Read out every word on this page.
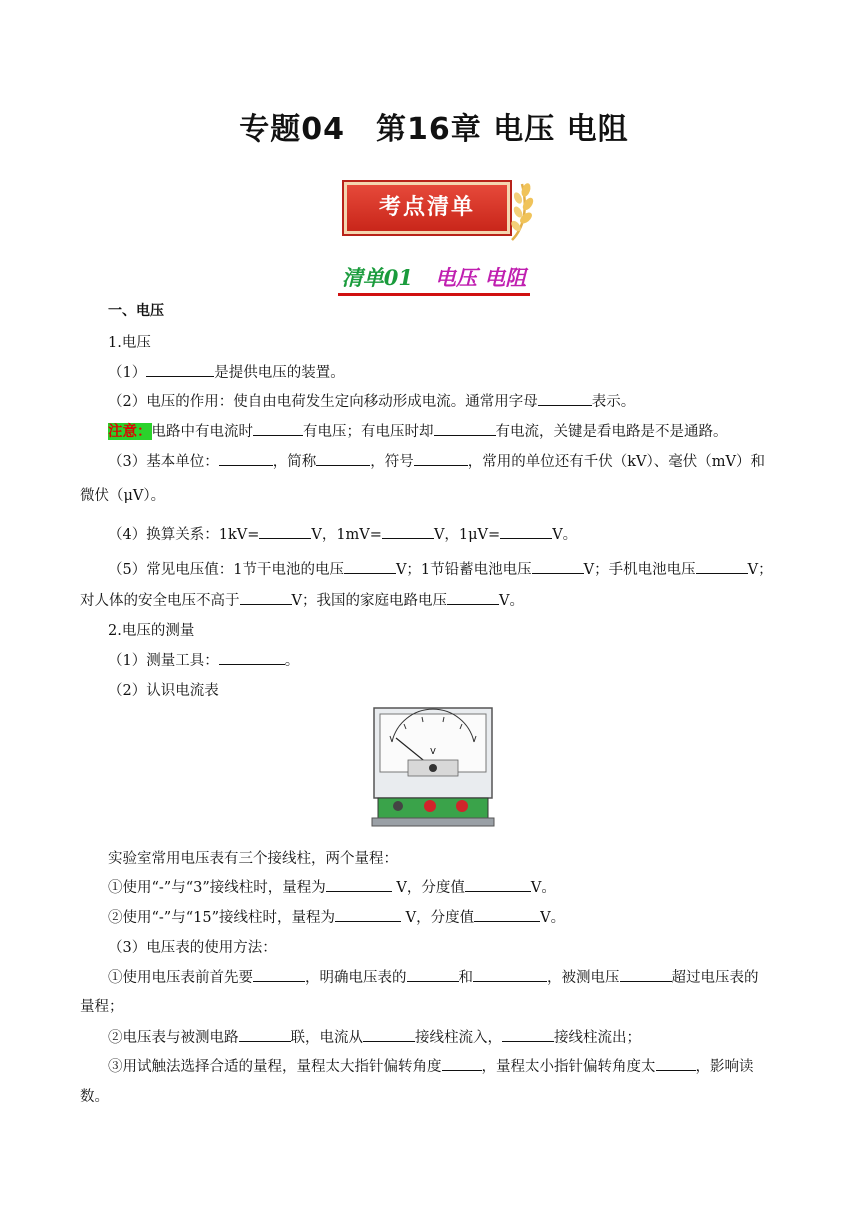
专题04　第16章 电压 电阻
考点清单
清单01 电压 电阻
一、电压
1.电压
（1）	是提供电压的装置。
（2）电压的作用：使自由电荷发生定向移动形成电流。通常用字母	表示。
注意：电路中有电流时	有电压；有电压时却	有电流，关键是看电路是不是通路。
（3）基本单位：	，简称	，符号	，常用的单位还有千伏（kV）、毫伏（mV）和
微伏（μV）。
（4）换算关系：1kV=	V，1mV=	V，1μV=	V。
（5）常见电压值：1节干电池的电压	V；1节铅蓄电池电压	V；手机电池电压	V；
对人体的安全电压不高于	V；我国的家庭电路电压	V。
2.电压的测量
（1）测量工具：	。
（2）认识电流表
V
实验室常用电压表有三个接线柱，两个量程：
①使用“-”与“3”接线柱时，量程为	V，分度值	V。
②使用“-”与“15”接线柱时，量程为	V，分度值	V。
（3）电压表的使用方法：
①使用电压表前首先要	，明确电压表的	和	，被测电压	超过电压表的
量程；
②电压表与被测电路	联，电流从	接线柱流入，	接线柱流出；
③用试触法选择合适的量程，量程太大指针偏转角度	，量程太小指针偏转角度太	，影响读
数。
